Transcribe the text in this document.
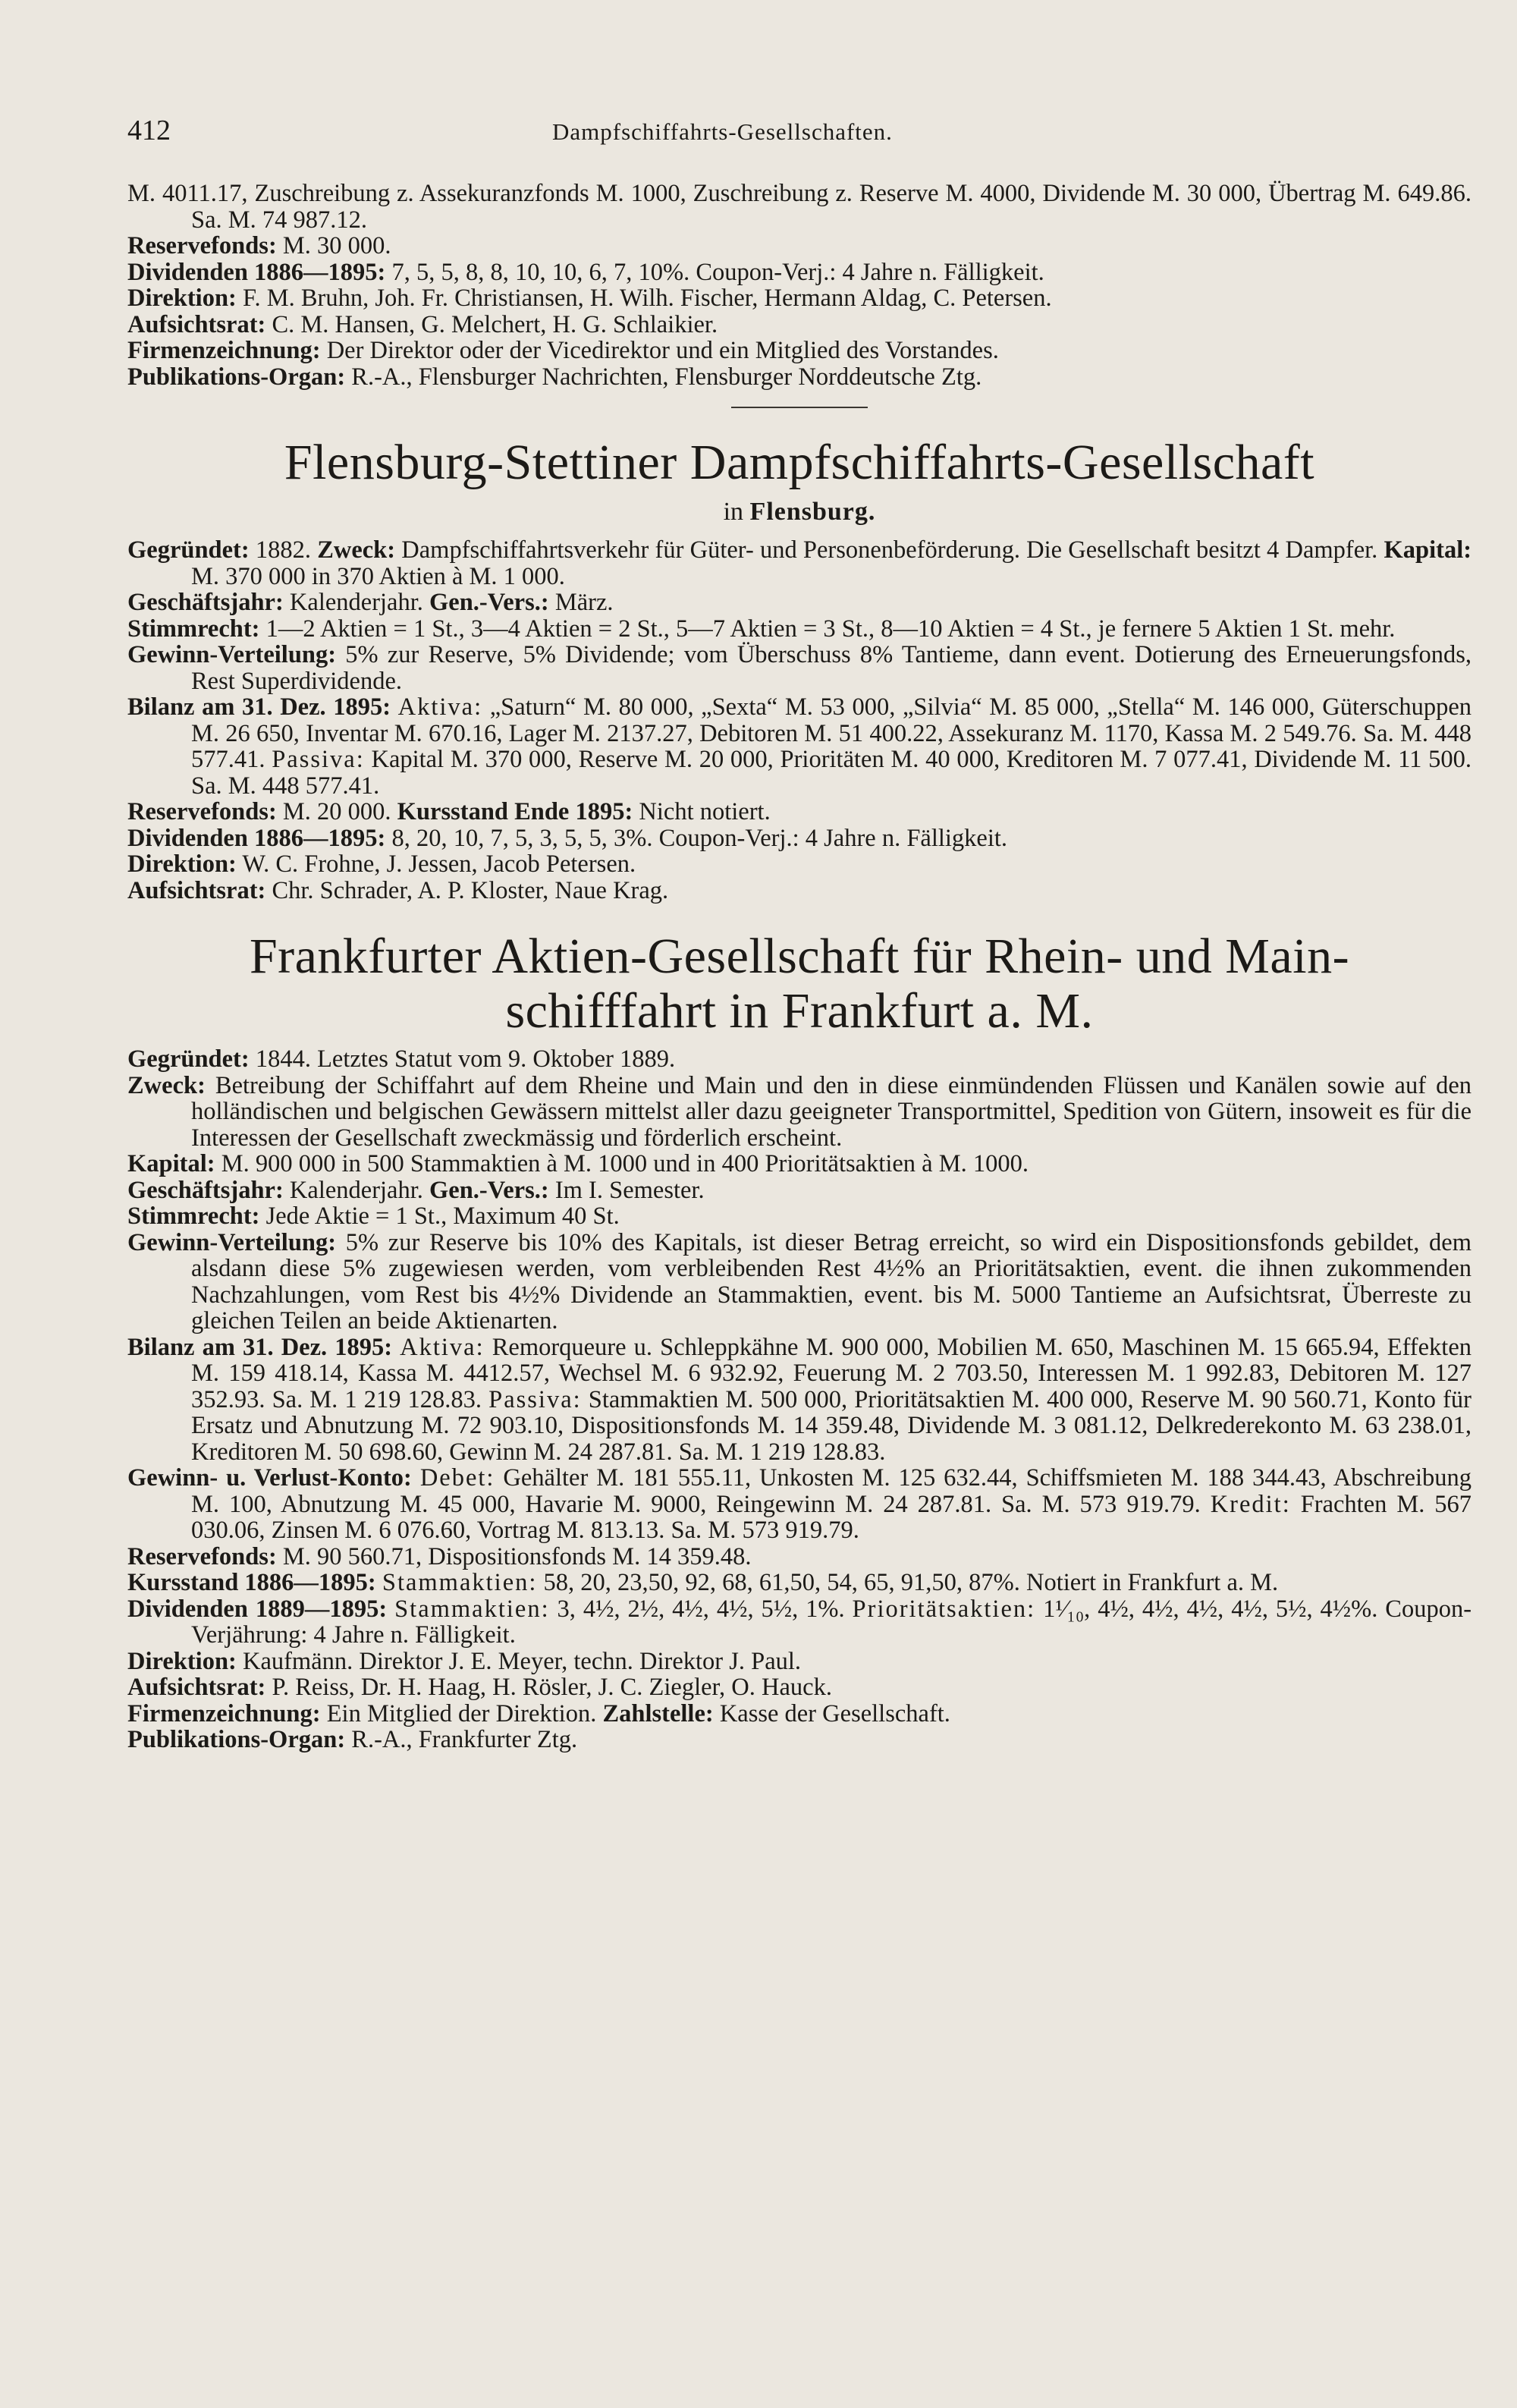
412	Dampfschiffahrts-Gesellschaften.

M. 4011.17, Zuschreibung z. Assekuranzfonds M. 1000, Zuschreibung z. Reserve M. 4000, Dividende M. 30 000, Übertrag M. 649.86. Sa. M. 74 987.12.

Reservefonds: M. 30 000.

Dividenden 1886—1895: 7, 5, 5, 8, 8, 10, 10, 6, 7, 10%. Coupon-Verj.: 4 Jahre n. Fälligkeit.

Direktion: F. M. Bruhn, Joh. Fr. Christiansen, H. Wilh. Fischer, Hermann Aldag, C. Petersen.

Aufsichtsrat: C. M. Hansen, G. Melchert, H. G. Schlaikier.

Firmenzeichnung: Der Direktor oder der Vicedirektor und ein Mitglied des Vorstandes.

Publikations-Organ: R.-A., Flensburger Nachrichten, Flensburger Norddeutsche Ztg.

Flensburg-Stettiner Dampfschiffahrts-Gesellschaft
in Flensburg.

Gegründet: 1882. Zweck: Dampfschiffahrtsverkehr für Güter- und Personenbeförderung. Die Gesellschaft besitzt 4 Dampfer. Kapital: M. 370 000 in 370 Aktien à M. 1 000.

Geschäftsjahr: Kalenderjahr. Gen.-Vers.: März.

Stimmrecht: 1—2 Aktien = 1 St., 3—4 Aktien = 2 St., 5—7 Aktien = 3 St., 8—10 Aktien = 4 St., je fernere 5 Aktien 1 St. mehr.

Gewinn-Verteilung: 5% zur Reserve, 5% Dividende; vom Überschuss 8% Tantieme, dann event. Dotierung des Erneuerungsfonds, Rest Superdividende.

Bilanz am 31. Dez. 1895: Aktiva: „Saturn“ M. 80 000, „Sexta“ M. 53 000, „Silvia“ M. 85 000, „Stella“ M. 146 000, Güterschuppen M. 26 650, Inventar M. 670.16, Lager M. 2137.27, Debitoren M. 51 400.22, Assekuranz M. 1170, Kassa M. 2 549.76. Sa. M. 448 577.41. Passiva: Kapital M. 370 000, Reserve M. 20 000, Prioritäten M. 40 000, Kreditoren M. 7 077.41, Dividende M. 11 500. Sa. M. 448 577.41.

Reservefonds: M. 20 000. Kursstand Ende 1895: Nicht notiert.

Dividenden 1886—1895: 8, 20, 10, 7, 5, 3, 5, 5, 3%. Coupon-Verj.: 4 Jahre n. Fälligkeit.

Direktion: W. C. Frohne, J. Jessen, Jacob Petersen.

Aufsichtsrat: Chr. Schrader, A. P. Kloster, Naue Krag.

Frankfurter Aktien-Gesellschaft für Rhein- und Main-
schifffahrt in Frankfurt a. M.

Gegründet: 1844. Letztes Statut vom 9. Oktober 1889.

Zweck: Betreibung der Schiffahrt auf dem Rheine und Main und den in diese einmündenden Flüssen und Kanälen sowie auf den holländischen und belgischen Gewässern mittelst aller dazu geeigneter Transportmittel, Spedition von Gütern, insoweit es für die Interessen der Gesellschaft zweckmässig und förderlich erscheint.

Kapital: M. 900 000 in 500 Stammaktien à M. 1000 und in 400 Prioritätsaktien à M. 1000.

Geschäftsjahr: Kalenderjahr. Gen.-Vers.: Im I. Semester.

Stimmrecht: Jede Aktie = 1 St., Maximum 40 St.

Gewinn-Verteilung: 5% zur Reserve bis 10% des Kapitals, ist dieser Betrag erreicht, so wird ein Dispositionsfonds gebildet, dem alsdann diese 5% zugewiesen werden, vom verbleibenden Rest 4½% an Prioritätsaktien, event. die ihnen zukommenden Nachzahlungen, vom Rest bis 4½% Dividende an Stammaktien, event. bis M. 5000 Tantieme an Aufsichtsrat, Überreste zu gleichen Teilen an beide Aktienarten.

Bilanz am 31. Dez. 1895: Aktiva: Remorqueure u. Schleppkähne M. 900 000, Mobilien M. 650, Maschinen M. 15 665.94, Effekten M. 159 418.14, Kassa M. 4412.57, Wechsel M. 6 932.92, Feuerung M. 2 703.50, Interessen M. 1 992.83, Debitoren M. 127 352.93. Sa. M. 1 219 128.83. Passiva: Stammaktien M. 500 000, Prioritätsaktien M. 400 000, Reserve M. 90 560.71, Konto für Ersatz und Abnutzung M. 72 903.10, Dispositionsfonds M. 14 359.48, Dividende M. 3 081.12, Delkrederekonto M. 63 238.01, Kreditoren M. 50 698.60, Gewinn M. 24 287.81. Sa. M. 1 219 128.83.

Gewinn- u. Verlust-Konto: Debet: Gehälter M. 181 555.11, Unkosten M. 125 632.44, Schiffsmieten M. 188 344.43, Abschreibung M. 100, Abnutzung M. 45 000, Havarie M. 9000, Reingewinn M. 24 287.81. Sa. M. 573 919.79. Kredit: Frachten M. 567 030.06, Zinsen M. 6 076.60, Vortrag M. 813.13. Sa. M. 573 919.79.

Reservefonds: M. 90 560.71, Dispositionsfonds M. 14 359.48.

Kursstand 1886—1895: Stammaktien: 58, 20, 23,50, 92, 68, 61,50, 54, 65, 91,50, 87%. Notiert in Frankfurt a. M.

Dividenden 1889—1895: Stammaktien: 3, 4½, 2½, 4½, 4½, 5½, 1%. Prioritätsaktien: 1¹⁄₁₀, 4½, 4½, 4½, 4½, 5½, 4½%. Coupon-Verjährung: 4 Jahre n. Fälligkeit.

Direktion: Kaufmänn. Direktor J. E. Meyer, techn. Direktor J. Paul.

Aufsichtsrat: P. Reiss, Dr. H. Haag, H. Rösler, J. C. Ziegler, O. Hauck.

Firmenzeichnung: Ein Mitglied der Direktion. Zahlstelle: Kasse der Gesellschaft.

Publikations-Organ: R.-A., Frankfurter Ztg.
